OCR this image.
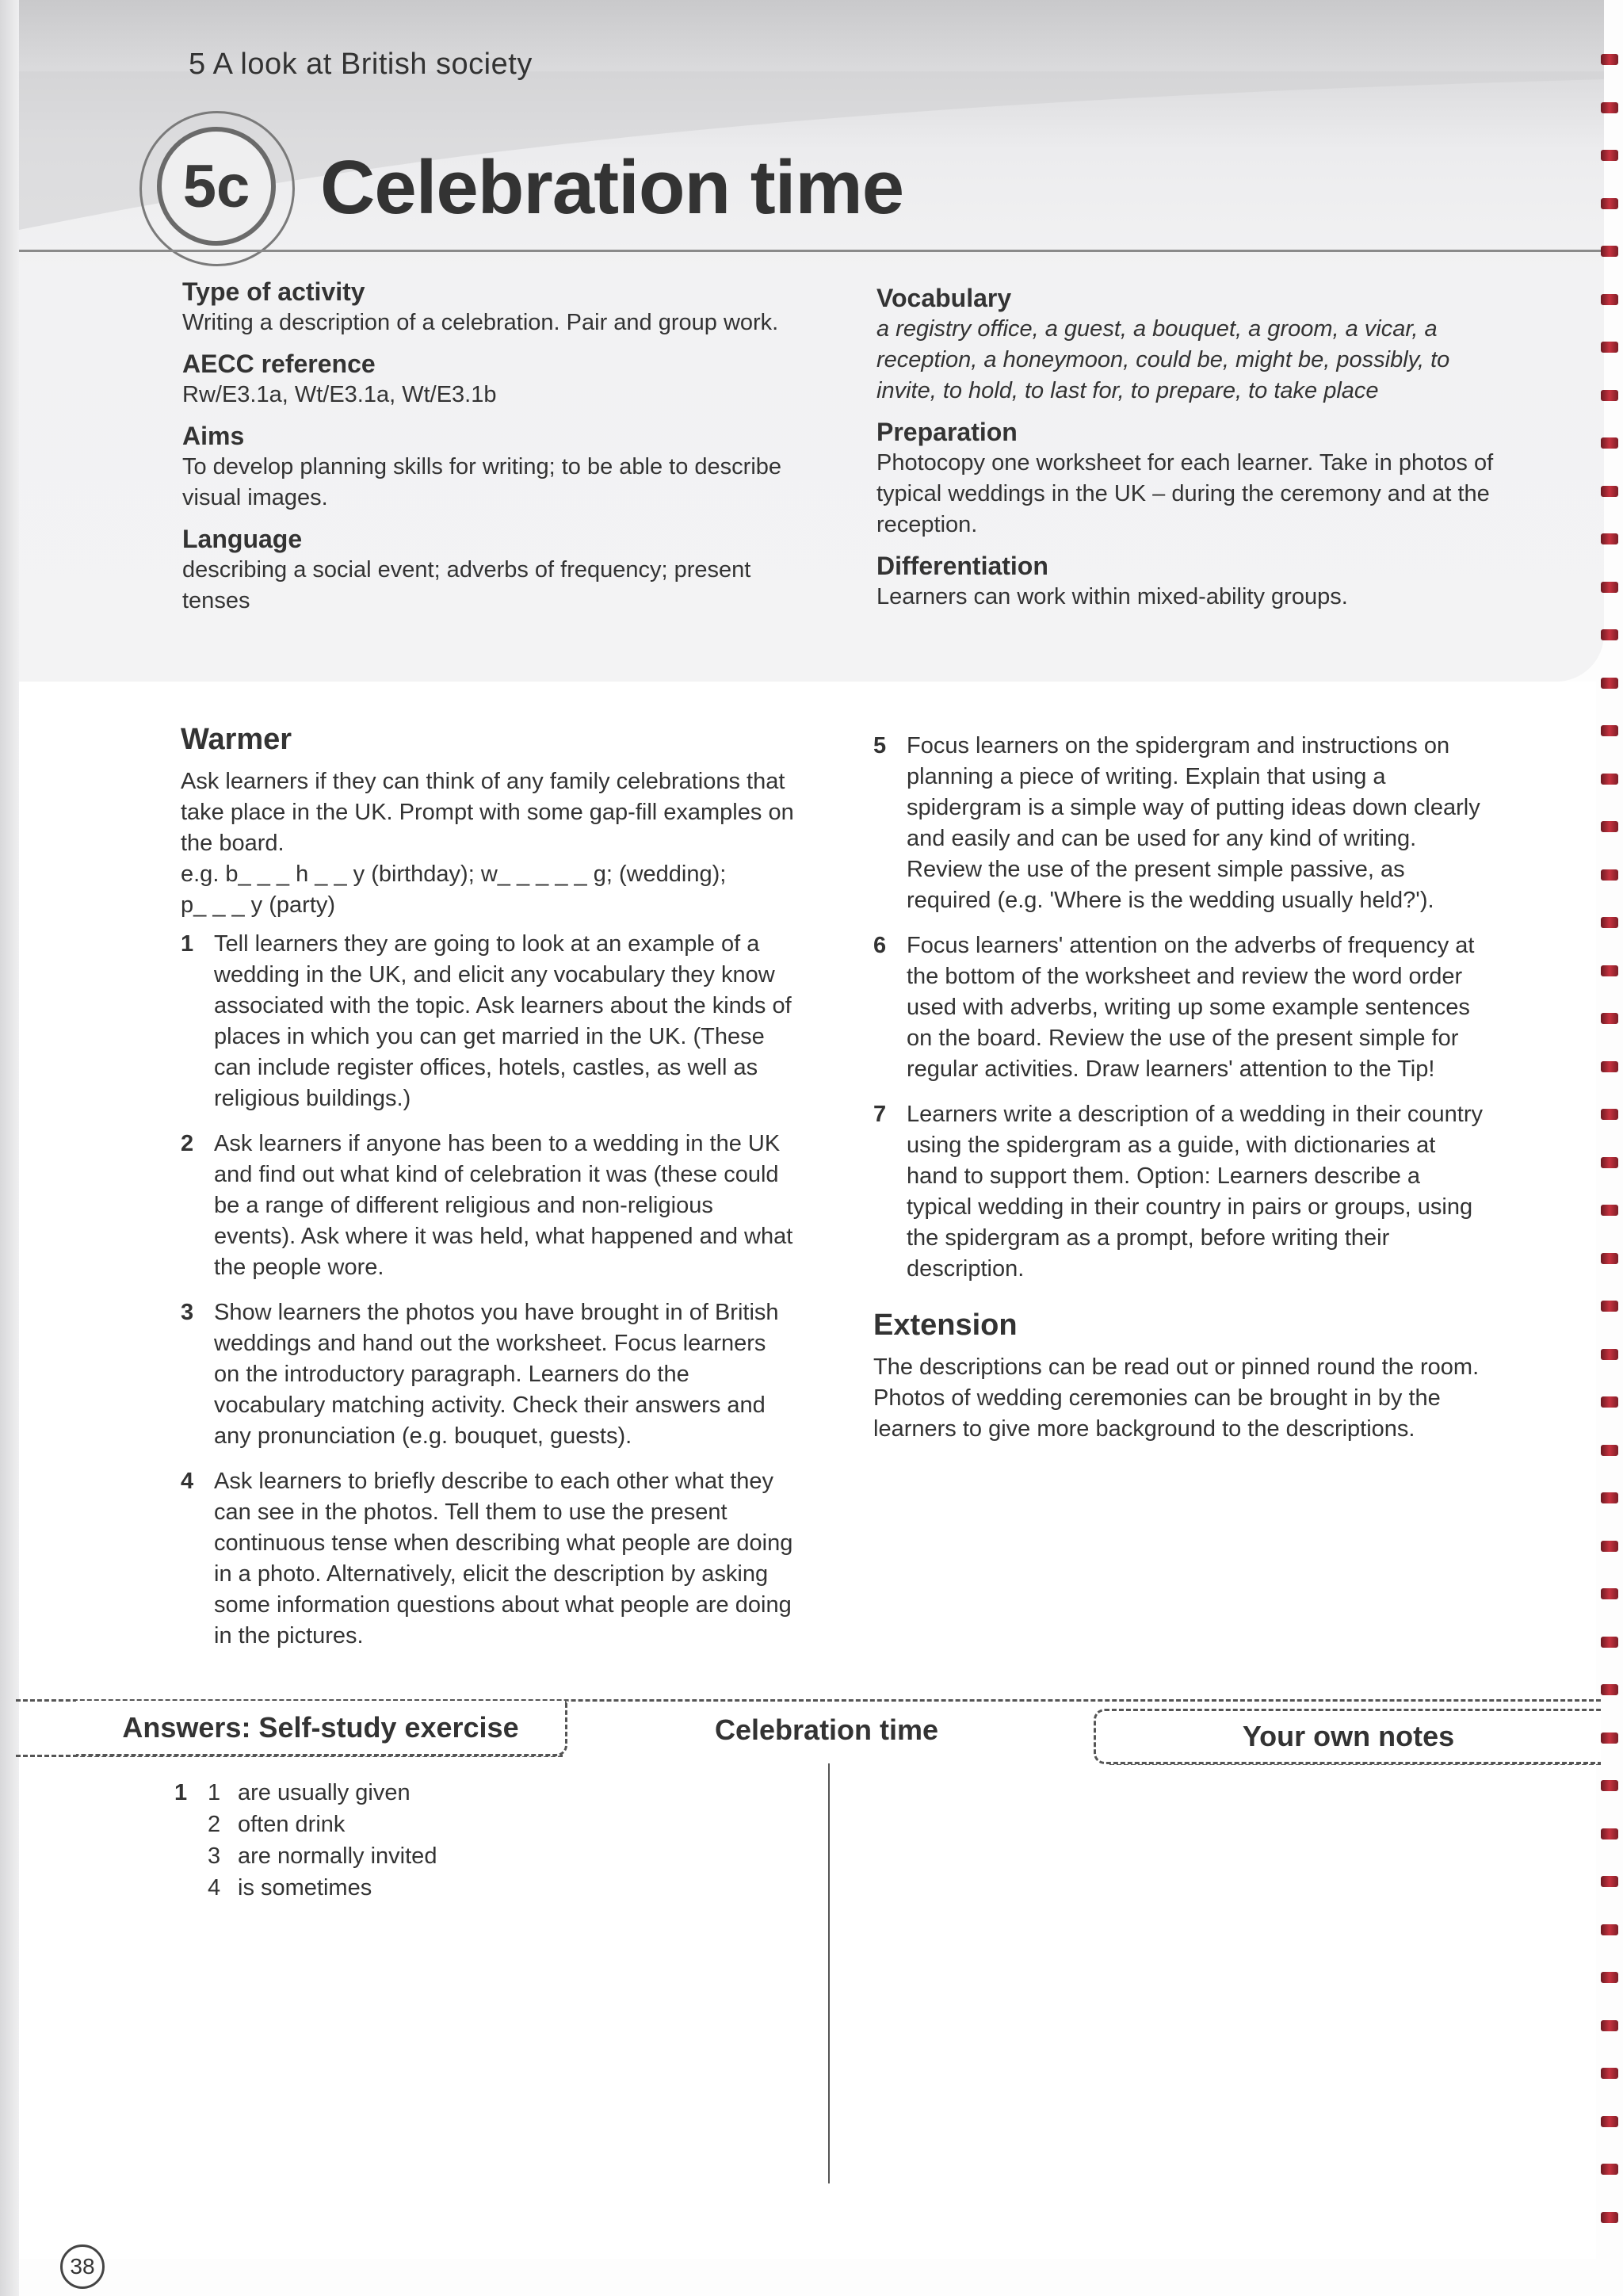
5 A look at British society
5c Celebration time
Type of activity

Writing a description of a celebration. Pair and group work.

AECC reference

Rw/E3.1a, Wt/E3.1a, Wt/E3.1b

Aims

To develop planning skills for writing; to be able to describe visual images.

Language

describing a social event; adverbs of frequency; present tenses

Vocabulary

a registry office, a guest, a bouquet, a groom, a vicar, a reception, a honeymoon, could be, might be, possibly, to invite, to hold, to last for, to prepare, to take place

Preparation

Photocopy one worksheet for each learner. Take in photos of typical weddings in the UK – during the ceremony and at the reception.

Differentiation

Learners can work within mixed-ability groups.

Warmer

Ask learners if they can think of any family celebrations that take place in the UK. Prompt with some gap-fill examples on the board.

e.g. b_ _ _ h _ _ y (birthday); w_ _ _ _ _ g; (wedding);

p_ _ _ y (party)

1 Tell learners they are going to look at an example of a wedding in the UK, and elicit any vocabulary they know associated with the topic. Ask learners about the kinds of places in which you can get married in the UK. (These can include register offices, hotels, castles, as well as religious buildings.)
2 Ask learners if anyone has been to a wedding in the UK and find out what kind of celebration it was (these could be a range of different religious and non-religious events). Ask where it was held, what happened and what the people wore.
3 Show learners the photos you have brought in of British weddings and hand out the worksheet. Focus learners on the introductory paragraph. Learners do the vocabulary matching activity. Check their answers and any pronunciation (e.g. bouquet, guests).
4 Ask learners to briefly describe to each other what they can see in the photos. Tell them to use the present continuous tense when describing what people are doing in a photo. Alternatively, elicit the description by asking some information questions about what people are doing in the pictures.
5 Focus learners on the spidergram and instructions on planning a piece of writing. Explain that using a spidergram is a simple way of putting ideas down clearly and easily and can be used for any kind of writing. Review the use of the present simple passive, as required (e.g. 'Where is the wedding usually held?').
6 Focus learners' attention on the adverbs of frequency at the bottom of the worksheet and review the word order used with adverbs, writing up some example sentences on the board. Review the use of the present simple for regular activities. Draw learners' attention to the Tip!
7 Learners write a description of a wedding in their country using the spidergram as a guide, with dictionaries at hand to support them. Option: Learners describe a typical wedding in their country in pairs or groups, using the spidergram as a prompt, before writing their description.
Extension

The descriptions can be read out or pinned round the room. Photos of wedding ceremonies can be brought in by the learners to give more background to the descriptions.

Answers: Self-study exercise	Celebration time	Your own notes
1 1 are usually given
2 often drink
3 are normally invited
4 is sometimes
38
